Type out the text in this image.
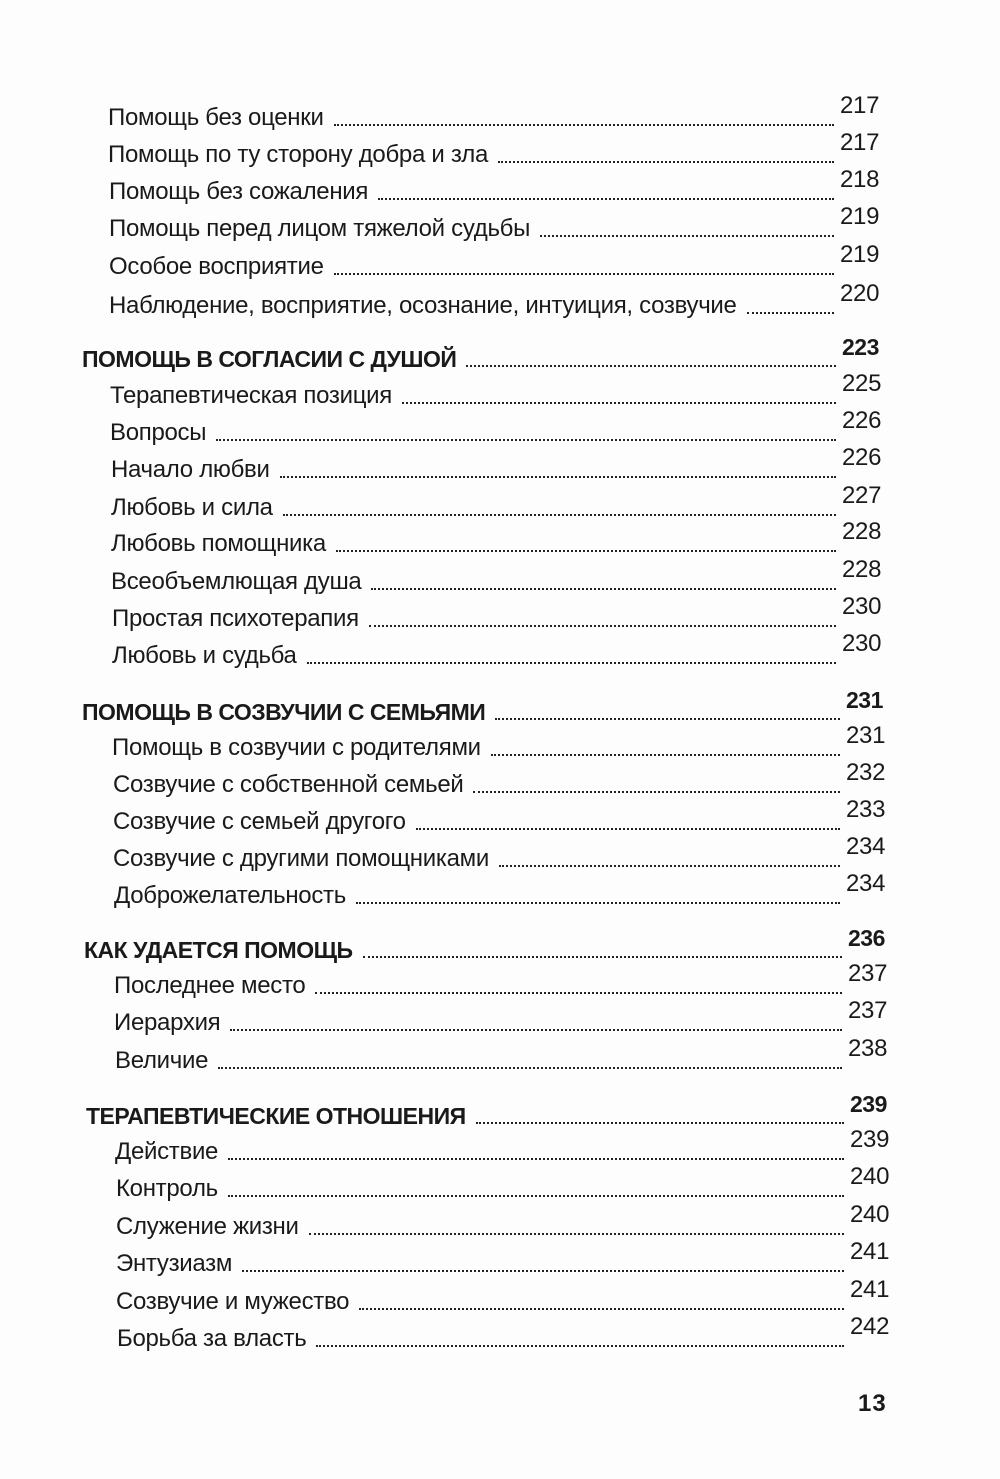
Помощь без оценки	217
Помощь по ту сторону добра и зла	217
Помощь без сожаления	218
Помощь перед лицом тяжелой судьбы	219
Особое восприятие	219
Наблюдение, восприятие, осознание, интуиция, созвучие	220
ПОМОЩЬ В СОГЛАСИИ С ДУШОЙ	223
Терапевтическая позиция	225
Вопросы	226
Начало любви	226
Любовь и сила	227
Любовь помощника	228
Всеобъемлющая душа	228
Простая психотерапия	230
Любовь и судьба	230
ПОМОЩЬ В СОЗВУЧИИ С СЕМЬЯМИ	231
Помощь в созвучии с родителями	231
Созвучие с собственной семьей	232
Созвучие с семьей другого	233
Созвучие с другими помощниками	234
Доброжелательность	234
КАК УДАЕТСЯ ПОМОЩЬ	236
Последнее место	237
Иерархия	237
Величие	238
ТЕРАПЕВТИЧЕСКИЕ ОТНОШЕНИЯ	239
Действие	239
Контроль	240
Служение жизни	240
Энтузиазм	241
Созвучие и мужество	241
Борьба за власть	242
13
